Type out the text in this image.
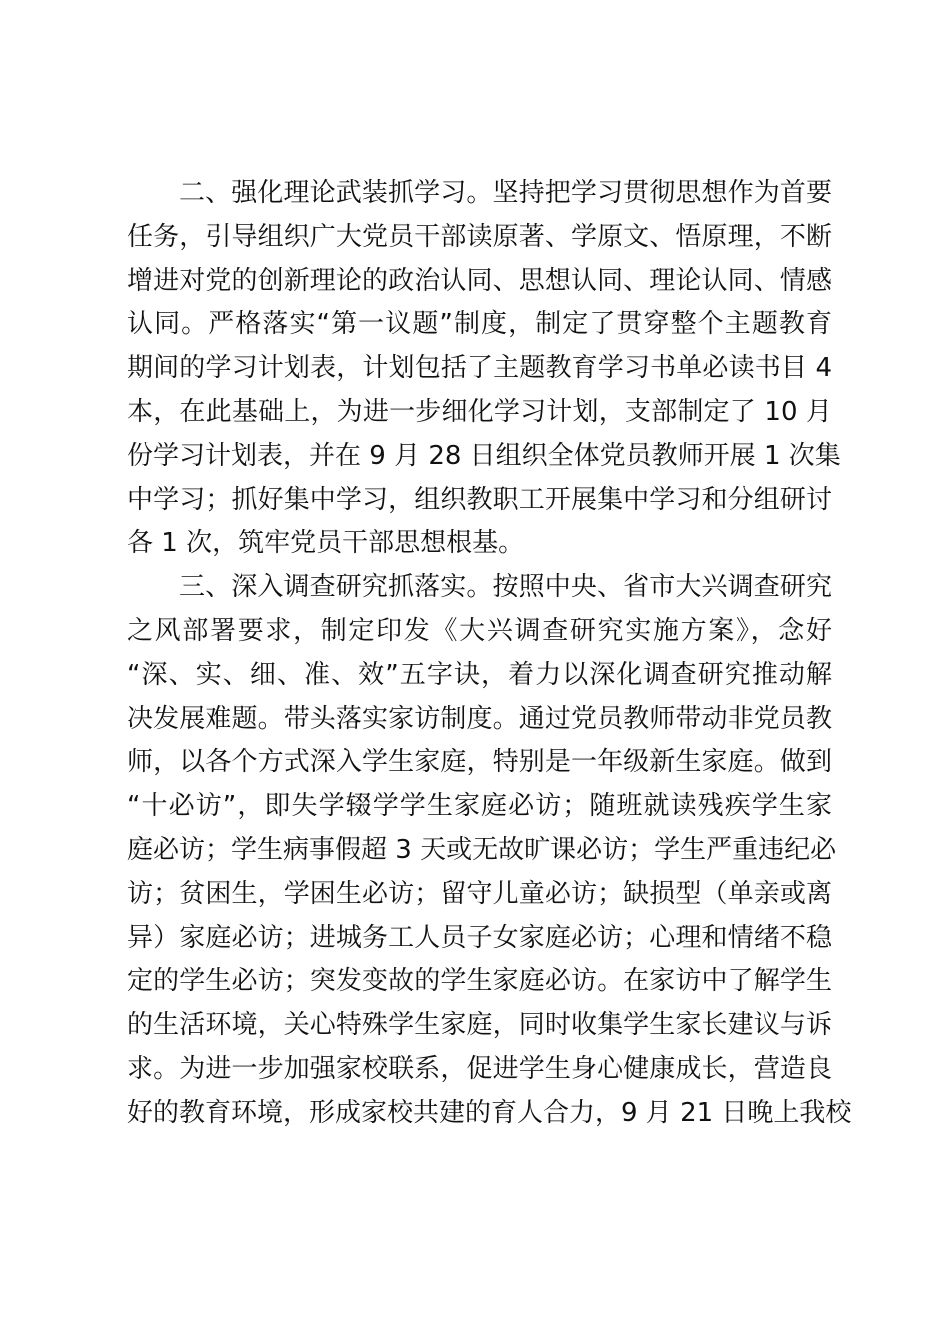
二、强化理论武装抓学习。坚持把学习贯彻思想作为首要
任务，引导组织广大党员干部读原著、学原文、悟原理，不断
增进对党的创新理论的政治认同、思想认同、理论认同、情感
认同。严格落实“第一议题”制度，制定了贯穿整个主题教育
期间的学习计划表，计划包括了主题教育学习书单必读书目 4
本，在此基础上，为进一步细化学习计划，支部制定了 10 月
份学习计划表，并在 9 月 28 日组织全体党员教师开展 1 次集
中学习；抓好集中学习，组织教职工开展集中学习和分组研讨
各 1 次，筑牢党员干部思想根基。
三、深入调查研究抓落实。按照中央、省市大兴调查研究
之风部署要求，制定印发《大兴调查研究实施方案》，念好
“深、实、细、准、效”五字诀，着力以深化调查研究推动解
决发展难题。带头落实家访制度。通过党员教师带动非党员教
师，以各个方式深入学生家庭，特别是一年级新生家庭。做到
“十必访”，即失学辍学学生家庭必访；随班就读残疾学生家
庭必访；学生病事假超 3 天或无故旷课必访；学生严重违纪必
访；贫困生，学困生必访；留守儿童必访；缺损型（单亲或离
异）家庭必访；进城务工人员子女家庭必访；心理和情绪不稳
定的学生必访；突发变故的学生家庭必访。在家访中了解学生
的生活环境，关心特殊学生家庭，同时收集学生家长建议与诉
求。为进一步加强家校联系，促进学生身心健康成长，营造良
好的教育环境，形成家校共建的育人合力，9 月 21 日晚上我校
